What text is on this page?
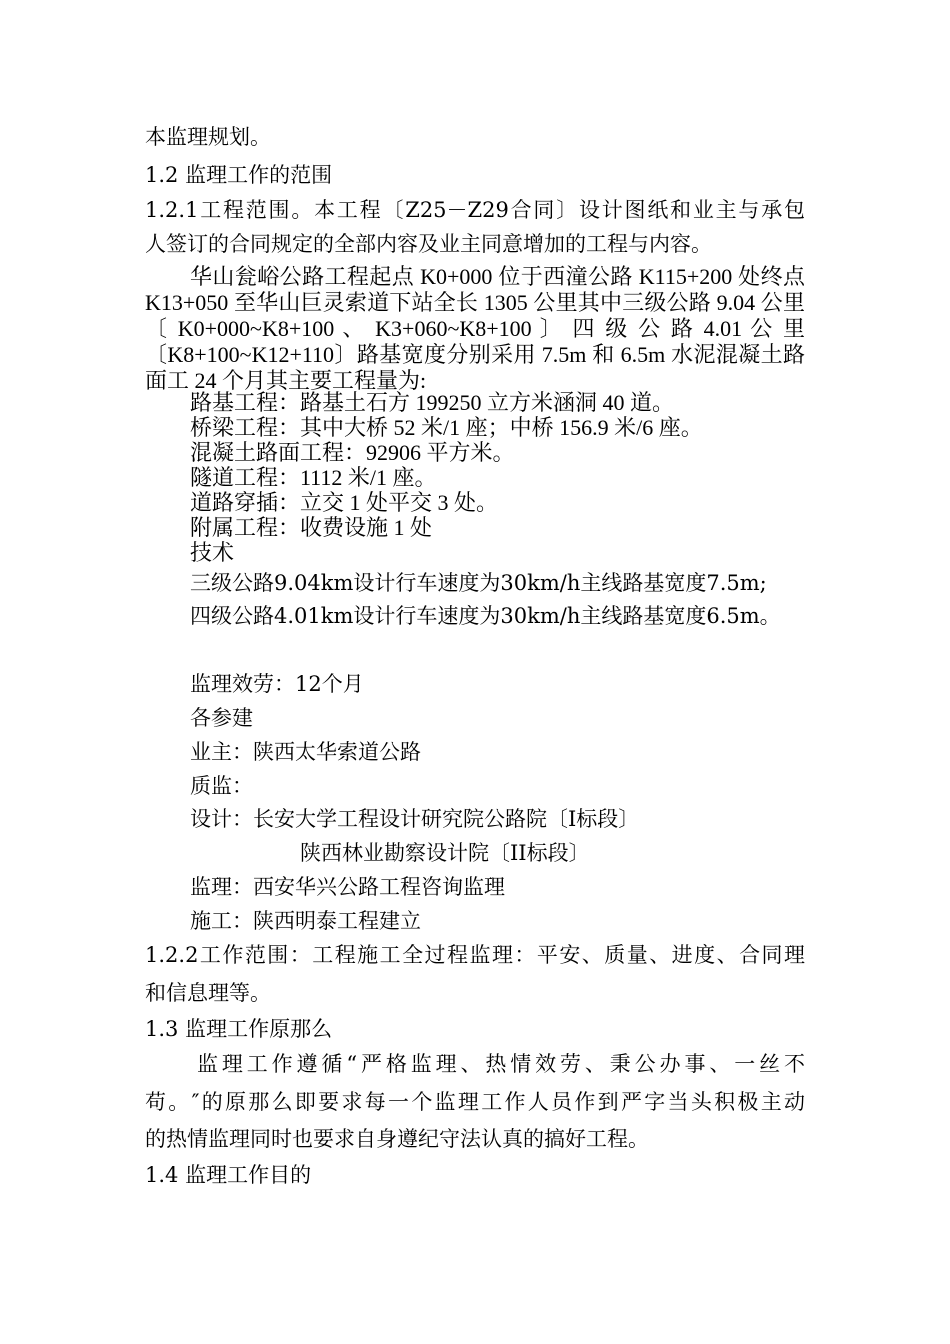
本监理规划。
1.2 监理工作的范围
1.2.1工程范围。本工程〔Z25－Z29合同〕设计图纸和业主与承包
人签订的合同规定的全部内容及业主同意增加的工程与内容。
华山瓮峪公路工程起点 K0+000 位于西潼公路 K115+200 处终点
K13+050 至华山巨灵索道下站全长 1305 公里其中三级公路 9.04 公里
〔 K0+000~K8+100 、 K3+060~K8+100 〕 四 级 公 路 4.01 公 里
〔K8+100~K12+110〕路基宽度分别采用 7.5m 和 6.5m 水泥混凝土路
面工 24 个月其主要工程量为:
路基工程：路基土石方 199250 立方米涵洞 40 道。
桥梁工程：其中大桥 52 米/1 座；中桥 156.9 米/6 座。
混凝土路面工程：92906 平方米。
隧道工程：1112 米/1 座。
道路穿插：立交 1 处平交 3 处。
附属工程：收费设施 1 处
技术
三级公路9.04km设计行车速度为30km/h主线路基宽度7.5m;
四级公路4.01km设计行车速度为30km/h主线路基宽度6.5m。
监理效劳：12个月
各参建
业主：陕西太华索道公路
质监：
设计：长安大学工程设计研究院公路院〔I标段〕
陕西林业勘察设计院〔II标段〕
监理：西安华兴公路工程咨询监理
施工：陕西明泰工程建立
1.2.2工作范围：工程施工全过程监理：平安、质量、进度、合同理
和信息理等。
1.3 监理工作原那么
监理工作遵循“严格监理、热情效劳、秉公办事、一丝不
苟。″的原那么即要求每一个监理工作人员作到严字当头积极主动
的热情监理同时也要求自身遵纪守法认真的搞好工程。
1.4 监理工作目的
